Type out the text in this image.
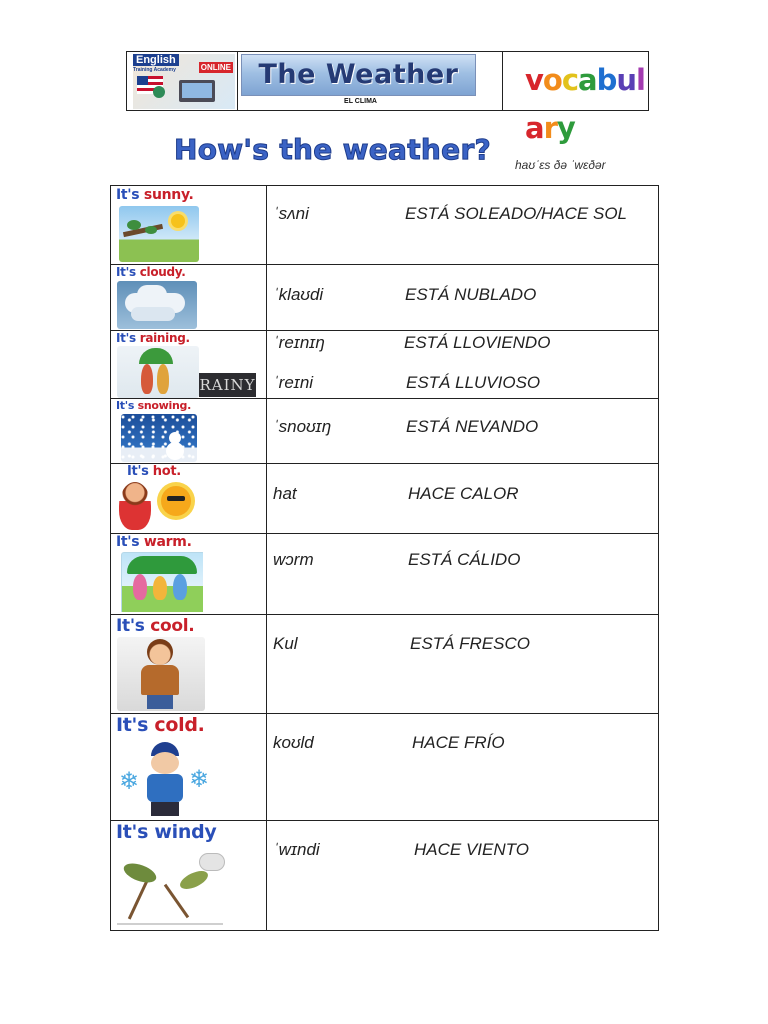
English
Training Academy	ONLINE	The Weather
EL CLIMA
vocabulary
How's the weather? haʊˈɛs ðə ˈwɛðər
It's sunny.
ˈsʌni	ESTÁ SOLEADO/HACE SOL
It's cloudy.
ˈklaʊdi	ESTÁ NUBLADO
It's raining.
RAINY
ˈreɪnɪŋ	ESTÁ LLOVIENDO
ˈreɪni	ESTÁ LLUVIOSO
It's snowing.
ˈsnoʊɪŋ	ESTÁ NEVANDO
It's hot.
hat	HACE CALOR
It's warm.
wɔrm	ESTÁ CÁLIDO
It's cool.
Kul	ESTÁ FRESCO
It's cold.
❄ ❄
koʊld	HACE FRÍO
It's windy
ˈwɪndi	HACE VIENTO
